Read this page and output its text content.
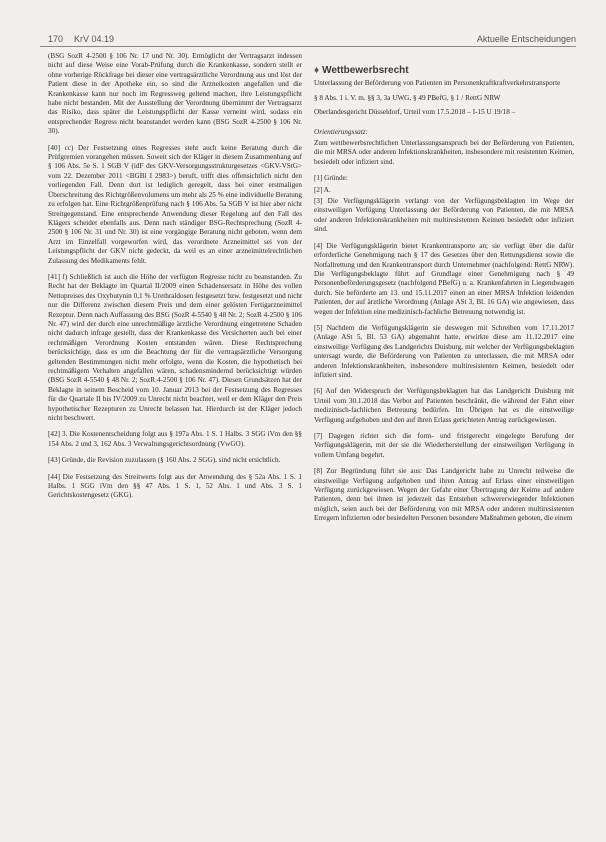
170 KrV 04.19	Aktuelle Entscheidungen

(BSG SozR 4-2500 § 106 Nr. 17 und Nr. 30). Ermöglicht der Vertragsarzt indessen nicht auf diese Weise eine Vorab-Prüfung durch die Krankenkasse, sondern stellt er ohne vorherige Rückfrage bei dieser eine vertragsärztliche Verordnung aus und löst der Patient diese in der Apotheke ein, so sind die Arzneikosten angefallen und die Krankenkasse kann nur noch im Regressweg geltend machen, ihre Leistungspflicht habe nicht bestanden. Mit der Ausstellung der Verordnung übernimmt der Vertragsarzt das Risiko, dass später die Leistungspflicht der Kasse verneint wird, sodass ein entsprechender Regress nicht beanstandet werden kann (BSG SozR 4-2500 § 106 Nr. 30).

[40] cc) Der Festsetzung eines Regresses steht auch keine Beratung durch die Prüfgremien vorangehen müssen. Soweit sich der Kläger in diesem Zusammenhang auf § 106 Abs. 5e S. 1 SGB V (idF des GKV-Versorgungsstrukturgesetzes <GKV-VStG> vom 22. Dezember 2011 <BGBl I 2983>) beruft, trifft dies offensichtlich nicht den vorliegenden Fall. Denn dort ist lediglich geregelt, dass bei einer erstmaligen Überschreitung des Richtgrößenvolumens um mehr als 25 % eine individuelle Beratung zu erfolgen hat. Eine Richtgrößenprüfung nach § 106 Abs. 5a SGB V ist hier aber nicht Streitgegenstand. Eine entsprechende Anwendung dieser Regelung auf den Fall des Klägers scheidet ebenfalls aus. Denn nach ständiger BSG-Rechtsprechung (SozR 4-2500 § 106 Nr. 31 und Nr. 30) ist eine vorgängige Beratung nicht geboten, wenn dem Arzt im Einzelfall vorgeworfen wird, das verordnete Arzneimittel sei von der Leistungspflicht der GKV nicht gedeckt, da weil es an einer arzneimittelrechtlichen Zulassung des Medikaments fehlt.

[41] f) Schließlich ist auch die Höhe der verfügten Regresse nicht zu beanstanden. Zu Recht hat der Beklagte im Quartal II/2009 einen Schadensersatz in Höhe des vollen Nettopreises des Oxybutynin 0,1 % Urethraldosen festgesetzt bzw. festgesetzt und nicht nur die Differenz zwischen diesem Preis und dem einer gelösten Fertigarzneimittel Rezeptur. Denn nach Auffassung des BSG (SozR 4-5540 § 48 Nr. 2; SozR 4-2500 § 106 Nr. 47) wird der durch eine unrechtmäßige ärztliche Verordnung eingetretene Schaden nicht dadurch infrage gestellt, dass der Krankenkasse des Versicherten auch bei einer rechtmäßigen Verordnung Kosten entstanden wären. Diese Rechtsprechung berücksichtige, dass es um die Beachtung der für die vertragsärztliche Versorgung geltenden Bestimmungen nicht mehr erfolgte, wenn die Kosten, die hypothetisch bei rechtmäßigem Verhalten angefallen wären, schadensmindernd berücksichtigt würden (BSG SozR 4-5540 § 48 Nr. 2; SozR 4-2500 § 106 Nr. 47). Diesen Grundsätzen hat der Beklagte in seinem Bescheid vom 10. Januar 2013 bei der Festsetzung des Regresses für die Quartale II bis IV/2009 zu Unrecht nicht beachtet, weil er dem Kläger den Preis hypothetischer Rezepturen zu Unrecht belassen hat. Hierdurch ist der Kläger jedoch nicht beschwert.

[42] 3. Die Kostenentscheidung folgt aus § 197a Abs. 1 S. 1 Halbs. 3 SGG iVm den §§ 154 Abs. 2 und 3, 162 Abs. 3 Verwaltungsgerichtsordnung (VwGO).

[43] Gründe, die Revision zuzulassen (§ 160 Abs. 2 SGG), sind nicht ersichtlich.

[44] Die Festsetzung des Streitwerts folgt aus der Anwendung des § 52a Abs. 1 S. 1 Halbs. 1 SGG iVm den §§ 47 Abs. 1 S. 1, 52 Abs. 1 und Abs. 3 S. 1 Gerichtskostengesetz (GKG).

♦ Wettbewerbsrecht

Unterlassung der Beförderung von Patienten im Personenkraftkraftverkehrstransporte

§ 8 Abs. 1 i. V. m. §§ 3, 3a UWG, § 49 PBefG, § 1 / RettG NRW

Oberlandesgericht Düsseldorf, Urteil vom 17.5.2018 – I-15 U 19/18 –

Orientierungssatz:

Zum wettbewerbsrechtlichen Unterlassungsanspruch bei der Beförderung von Patienten, die mit MRSA oder anderen Infektionskrankheiten, insbesondere mit resistenten Keimen, besiedelt oder infiziert sind.

[1] Gründe:

[2] A.

[3] Die Verfügungsklägerin verlangt von der Verfügungsbeklagten im Wege der einstweiligen Verfügung Unterlassung der Beförderung von Patienten, die mit MRSA oder anderen Infektionskrankheiten mit multiresistenten Keimen besiedelt oder infiziert sind.

[4] Die Verfügungsklägerin bietet Krankentransporte an; sie verfügt über die dafür erforderliche Genehmigung nach § 17 des Gesetzes über den Rettungsdienst sowie die Notfallrettung und den Krankentransport durch Unternehmer (nachfolgend: RettG NRW). Die Verfügungsbeklagte führt auf Grundlage einer Genehmigung nach § 49 Personenbeförderungsgesetz (nachfolgend PBefG) u. a. Krankenfahrten in Liegendwagen durch. Sie beförderte am 13. und 15.11.2017 einen an einer MRSA Infektion leidenden Patienten, der auf ärztliche Verordnung (Anlage ASt 3, Bl. 16 GA) wie angewiesen, dass wegen der Infektion eine medizinisch-fachliche Betreuung notwendig ist.

[5] Nachdem die Verfügungsklägerin sie deswegen mit Schreiben vom 17.11.2017 (Anlage ASt 5, Bl. 53 GA) abgemahnt hatte, erwirkte diese am 11.12.2017 eine einstweilige Verfügung des Landgerichts Duisburg, mit welcher der Verfügungsbeklagten untersagt wurde, die Beförderung von Patienten zu unterlassen, die mit MRSA oder anderen Infektionskrankheiten, insbesondere multiresistenten Keimen, besiedelt oder infiziert sind.

[6] Auf den Widerspruch der Verfügungsbeklagten hat das Landgericht Duisburg mit Urteil vom 30.1.2018 das Verbot auf Patienten beschränkt, die während der Fahrt einer medizinisch-fachlichen Betreuung bedürfen. Im Übrigen hat es die einstweilige Verfügung aufgehoben und den auf ihren Erlass gerichteten Antrag zurückgewiesen.

[7] Dagegen richtet sich die form- und fristgerecht eingelegte Berufung der Verfügungsklägerin, mit der sie die Wiederherstellung der einstweiligen Verfügung in vollem Umfang begehrt.

[8] Zur Begründung führt sie aus: Das Landgericht habe zu Unrecht teilweise die einstweilige Verfügung aufgehoben und ihren Antrag auf Erlass einer einstweiligen Verfügung zurückgewiesen. Wegen der Gefahr einer Übertragung der Keime auf andere Patienten, denn bei ihnen ist jederzeit das Entstehen schwererwiegender Infektionen möglich, seien auch bei der Beförderung von mit MRSA oder anderen multiresistenten Erregern infizierten oder besiedelten Personen besondere Maßnahmen geboten, die einem
